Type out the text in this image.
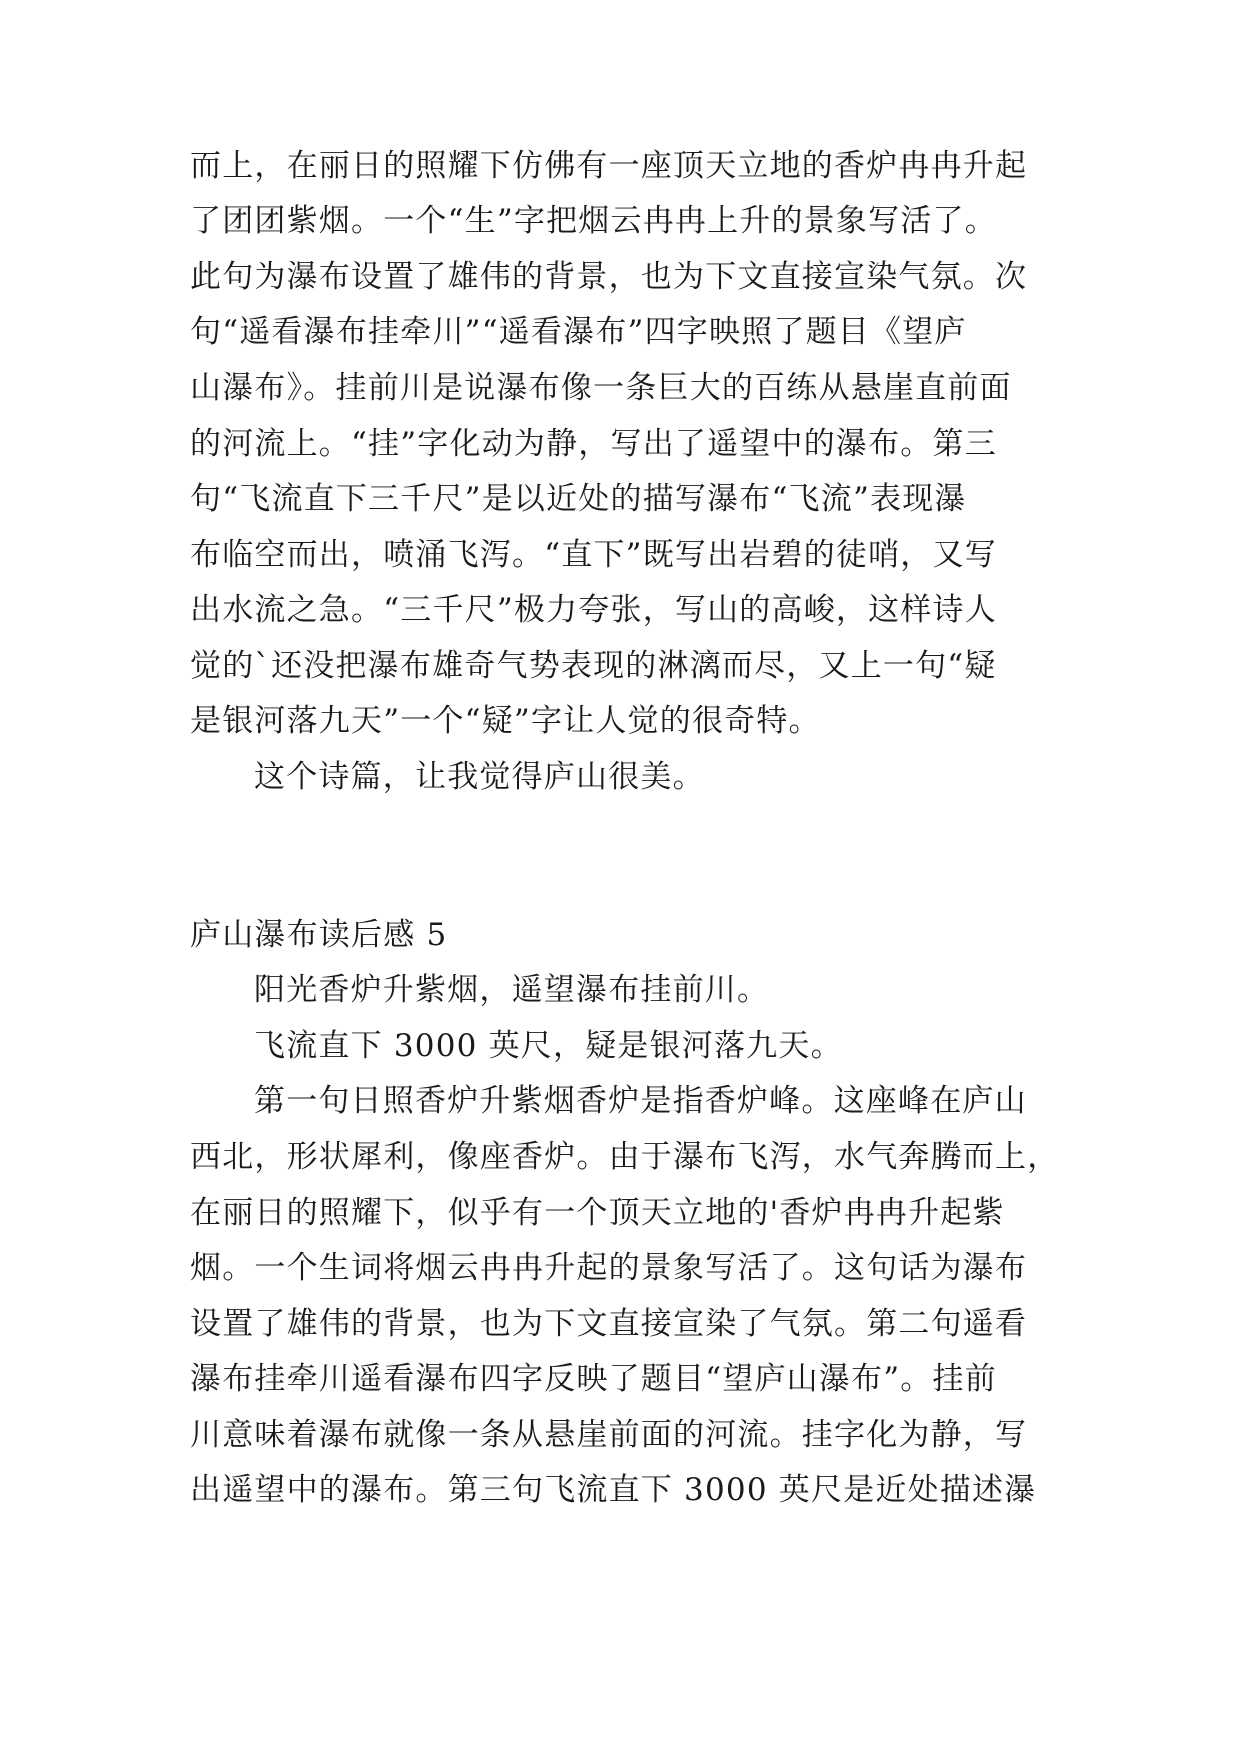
而上，在丽日的照耀下仿佛有一座顶天立地的香炉冉冉升起
了团团紫烟。一个“生”字把烟云冉冉上升的景象写活了。
此句为瀑布设置了雄伟的背景，也为下文直接宣染气氛。次
句“遥看瀑布挂牵川”“遥看瀑布”四字映照了题目《望庐
山瀑布》。挂前川是说瀑布像一条巨大的百练从悬崖直前面
的河流上。“挂”字化动为静，写出了遥望中的瀑布。第三
句“飞流直下三千尺”是以近处的描写瀑布“飞流”表现瀑
布临空而出，喷涌飞泻。“直下”既写出岩碧的徒哨，又写
出水流之急。“三千尺”极力夸张，写山的高峻，这样诗人
觉的`还没把瀑布雄奇气势表现的淋漓而尽，又上一句“疑
是银河落九天”一个“疑”字让人觉的很奇特。
这个诗篇，让我觉得庐山很美。
庐山瀑布读后感 5
阳光香炉升紫烟，遥望瀑布挂前川。
飞流直下 3000 英尺，疑是银河落九天。
第一句日照香炉升紫烟香炉是指香炉峰。这座峰在庐山
西北，形状犀利，像座香炉。由于瀑布飞泻，水气奔腾而上，
在丽日的照耀下，似乎有一个顶天立地的'香炉冉冉升起紫
烟。一个生词将烟云冉冉升起的景象写活了。这句话为瀑布
设置了雄伟的背景，也为下文直接宣染了气氛。第二句遥看
瀑布挂牵川遥看瀑布四字反映了题目“望庐山瀑布”。挂前
川意味着瀑布就像一条从悬崖前面的河流。挂字化为静，写
出遥望中的瀑布。第三句飞流直下 3000 英尺是近处描述瀑
